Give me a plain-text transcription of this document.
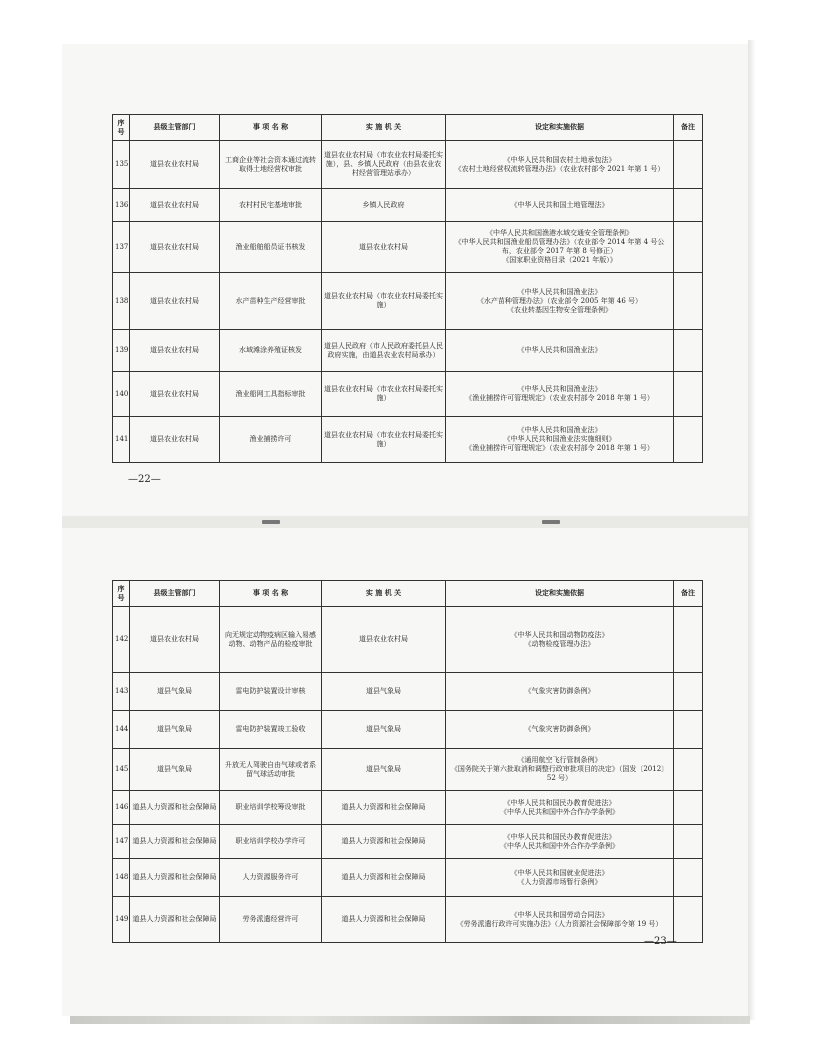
序号	县级主管部门	事 项 名 称	实 施 机 关	设定和实施依据	备注
135	道县农业农村局	工商企业等社会资本通过流转取得土地经营权审批	道县农业农村局（市农业农村局委托实施），县、乡镇人民政府（由县农业农村经营管理站承办）	《中华人民共和国农村土地承包法》
《农村土地经营权流转管理办法》（农业农村部令 2021 年第 1 号）	
136	道县农业农村局	农村村民宅基地审批	乡镇人民政府	《中华人民共和国土地管理法》	
137	道县农业农村局	渔业船舶船员证书核发	道县农业农村局	《中华人民共和国渔港水域交通安全管理条例》
《中华人民共和国渔业船员管理办法》（农业部令 2014 年第 4 号公布，农业部令 2017 年第 8 号修正）
《国家职业资格目录（2021 年版）》	
138	道县农业农村局	水产苗种生产经营审批	道县农业农村局（市农业农村局委托实施）	《中华人民共和国渔业法》
《水产苗种管理办法》（农业部令 2005 年第 46 号）
《农业转基因生物安全管理条例》	
139	道县农业农村局	水域滩涂养殖证核发	道县人民政府（市人民政府委托县人民政府实施，由道县农业农村局承办）	《中华人民共和国渔业法》	
140	道县农业农村局	渔业船网工具指标审批	道县农业农村局（市农业农村局委托实施）	《中华人民共和国渔业法》
《渔业捕捞许可管理规定》（农业农村部令 2018 年第 1 号）	
141	道县农业农村局	渔业捕捞许可	道县农业农村局（市农业农村局委托实施）	《中华人民共和国渔业法》
《中华人民共和国渔业法实施细则》
《渔业捕捞许可管理规定》（农业农村部令 2018 年第 1 号）	
—22—
序号	县级主管部门	事 项 名 称	实 施 机 关	设定和实施依据	备注
142	道县农业农村局	向无规定动物疫病区输入易感动物、动物产品的检疫审批	道县农业农村局	《中华人民共和国动物防疫法》
《动物检疫管理办法》	
143	道县气象局	雷电防护装置设计审核	道县气象局	《气象灾害防御条例》	
144	道县气象局	雷电防护装置竣工验收	道县气象局	《气象灾害防御条例》	
145	道县气象局	升放无人驾驶自由气球或者系留气球活动审批	道县气象局	《通用航空飞行管制条例》
《国务院关于第六批取消和调整行政审批项目的决定》（国发〔2012〕52 号）	
146	道县人力资源和社会保障局	职业培训学校筹设审批	道县人力资源和社会保障局	《中华人民共和国民办教育促进法》
《中华人民共和国中外合作办学条例》	
147	道县人力资源和社会保障局	职业培训学校办学许可	道县人力资源和社会保障局	《中华人民共和国民办教育促进法》
《中华人民共和国中外合作办学条例》	
148	道县人力资源和社会保障局	人力资源服务许可	道县人力资源和社会保障局	《中华人民共和国就业促进法》
《人力资源市场暂行条例》	
149	道县人力资源和社会保障局	劳务派遣经营许可	道县人力资源和社会保障局	《中华人民共和国劳动合同法》
《劳务派遣行政许可实施办法》（人力资源社会保障部令第 19 号）	
—23—
